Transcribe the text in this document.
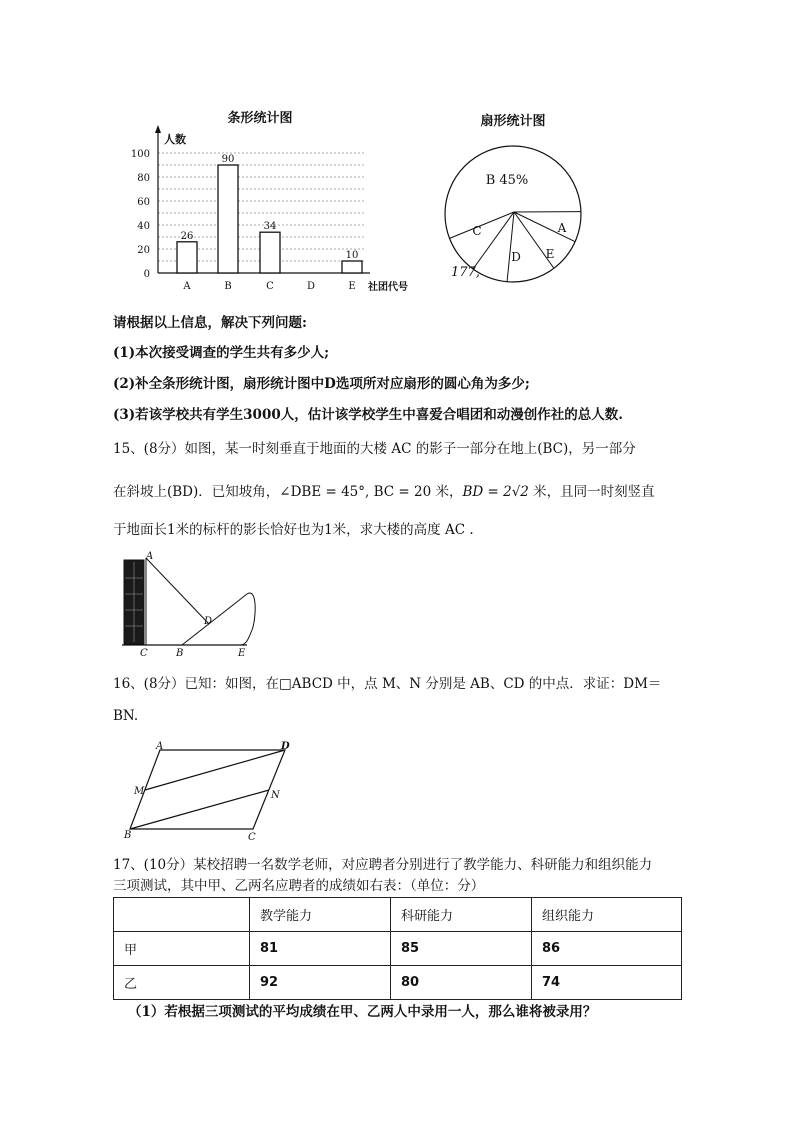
条形统计图
人数
社团代号
0
20
40
60
80
100
26
A
90
B
34
C	D
10
E
扇形统计图
B 45%
A
E
D
C
177,
请根据以上信息，解决下列问题:
(1)本次接受调查的学生共有多少人;
(2)补全条形统计图，扇形统计图中D选项所对应扇形的圆心角为多少;
(3)若该学校共有学生3000人，估计该学校学生中喜爱合唱团和动漫创作社的总人数.
15、(8分）如图，某一时刻垂直于地面的大楼 AC 的影子一部分在地上(BC)，另一部分
在斜坡上(BD)．已知坡角，∠DBE = 45°, BC = 20 米，BD = 2√2 米，且同一时刻竖直
于地面长1米的标杆的影长恰好也为1米，求大楼的高度 AC .
A
D
C	B	E
16、(8分）已知：如图，在□ABCD 中，点 M、N 分别是 AB、CD 的中点．求证：DM＝
BN.
A	D
M	N
B	C
17、(10分）某校招聘一名数学老师，对应聘者分别进行了教学能力、科研能力和组织能力
三项测试，其中甲、乙两名应聘者的成绩如右表：（单位：分）
	教学能力	科研能力	组织能力
甲	81	85	86
乙	92	80	74
（1）若根据三项测试的平均成绩在甲、乙两人中录用一人，那么谁将被录用？
